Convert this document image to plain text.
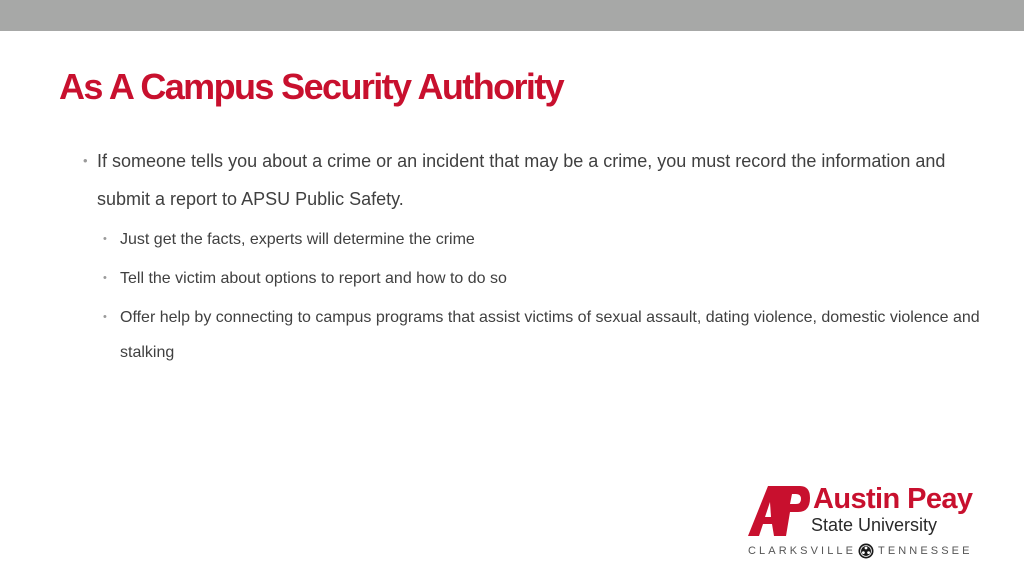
As A Campus Security Authority

• If someone tells you about a crime or an incident that may be a crime, you must record the information and submit a report to APSU Public Safety.

• Just get the facts, experts will determine the crime

• Tell the victim about options to report and how to do so

• Offer help by connecting to campus programs that assist victims of sexual assault, dating violence, domestic violence and stalking

Austin Peay
State University
CLARKSVILLE TENNESSEE
